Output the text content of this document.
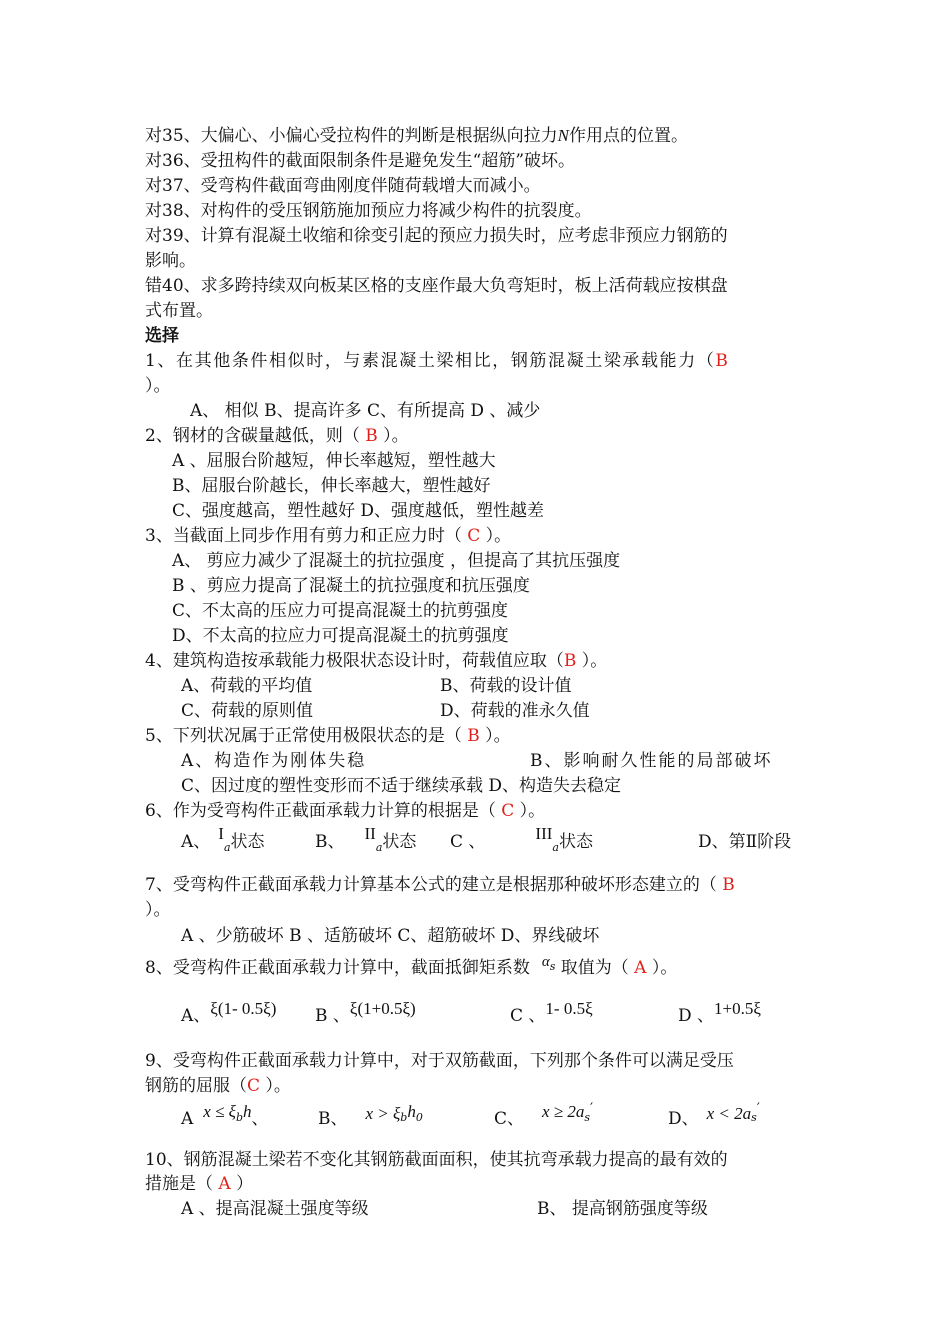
对35、大偏心、小偏心受拉构件的判断是根据纵向拉力N作用点的位置。
对36、受扭构件的截面限制条件是避免发生“超筋”破坏。
对37、受弯构件截面弯曲刚度伴随荷载增大而减小。
对38、对构件的受压钢筋施加预应力将减少构件的抗裂度。
对39、计算有混凝土收缩和徐变引起的预应力损失时，应考虑非预应力钢筋的
影响。
错40、求多跨持续双向板某区格的支座作最大负弯矩时，板上活荷载应按棋盘
式布置。
选择
1、在其他条件相似时，与素混凝土梁相比，钢筋混凝土梁承载能力（B
）。
A、 相似 B、提高许多 C、有所提高 D 、减少
2、钢材的含碳量越低，则（ B ）。
A 、屈服台阶越短，伸长率越短，塑性越大
B、屈服台阶越长，伸长率越大，塑性越好
C、强度越高，塑性越好 D、强度越低，塑性越差
3、当截面上同步作用有剪力和正应力时（ C ）。
A、 剪应力减少了混凝土的抗拉强度 ，但提高了其抗压强度
B 、剪应力提高了混凝土的抗拉强度和抗压强度
C、不太高的压应力可提高混凝土的抗剪强度
D、不太高的拉应力可提高混凝土的抗剪强度
4、建筑构造按承载能力极限状态设计时，荷载值应取（B ）。
A、荷载的平均值	B、荷载的设计值
C、荷载的原则值	D、荷载的准永久值
5、下列状况属于正常使用极限状态的是（ B ）。
A、构造作为刚体失稳	B、影响耐久性能的局部破坏
C、因过度的塑性变形而不适于继续承载 D、构造失去稳定
6、作为受弯构件正截面承载力计算的根据是（ C ）。
A、 $I_a$状态	B、 $II_a$状态 C 、	$III_a$状态	D、第Ⅱ阶段
7、受弯构件正截面承载力计算基本公式的建立是根据那种破坏形态建立的（ B
）。
A 、少筋破坏 B 、适筋破坏 C、超筋破坏 D、界线破坏
8、受弯构件正截面承载力计算中，截面抵御矩系数 $\alpha_s$ 取值为（ A ）。
A、ξ(1- 0.5ξ) B 、ξ(1+0.5ξ)	C 、1- 0.5ξ	D 、1+0.5ξ
9、受弯构件正截面承载力计算中，对于双筋截面，下列那个条件可以满足受压
钢筋的屈服（C ）。
A $x \le \xi_bh$、	B、 $x > \xi_bh_0$	C、 $x \ge 2a_s'$
D、 $x < 2a_s'$
10、钢筋混凝土梁若不变化其钢筋截面面积，使其抗弯承载力提高的最有效的
措施是（ A ）
A 、提高混凝土强度等级	B、 提高钢筋强度等级
